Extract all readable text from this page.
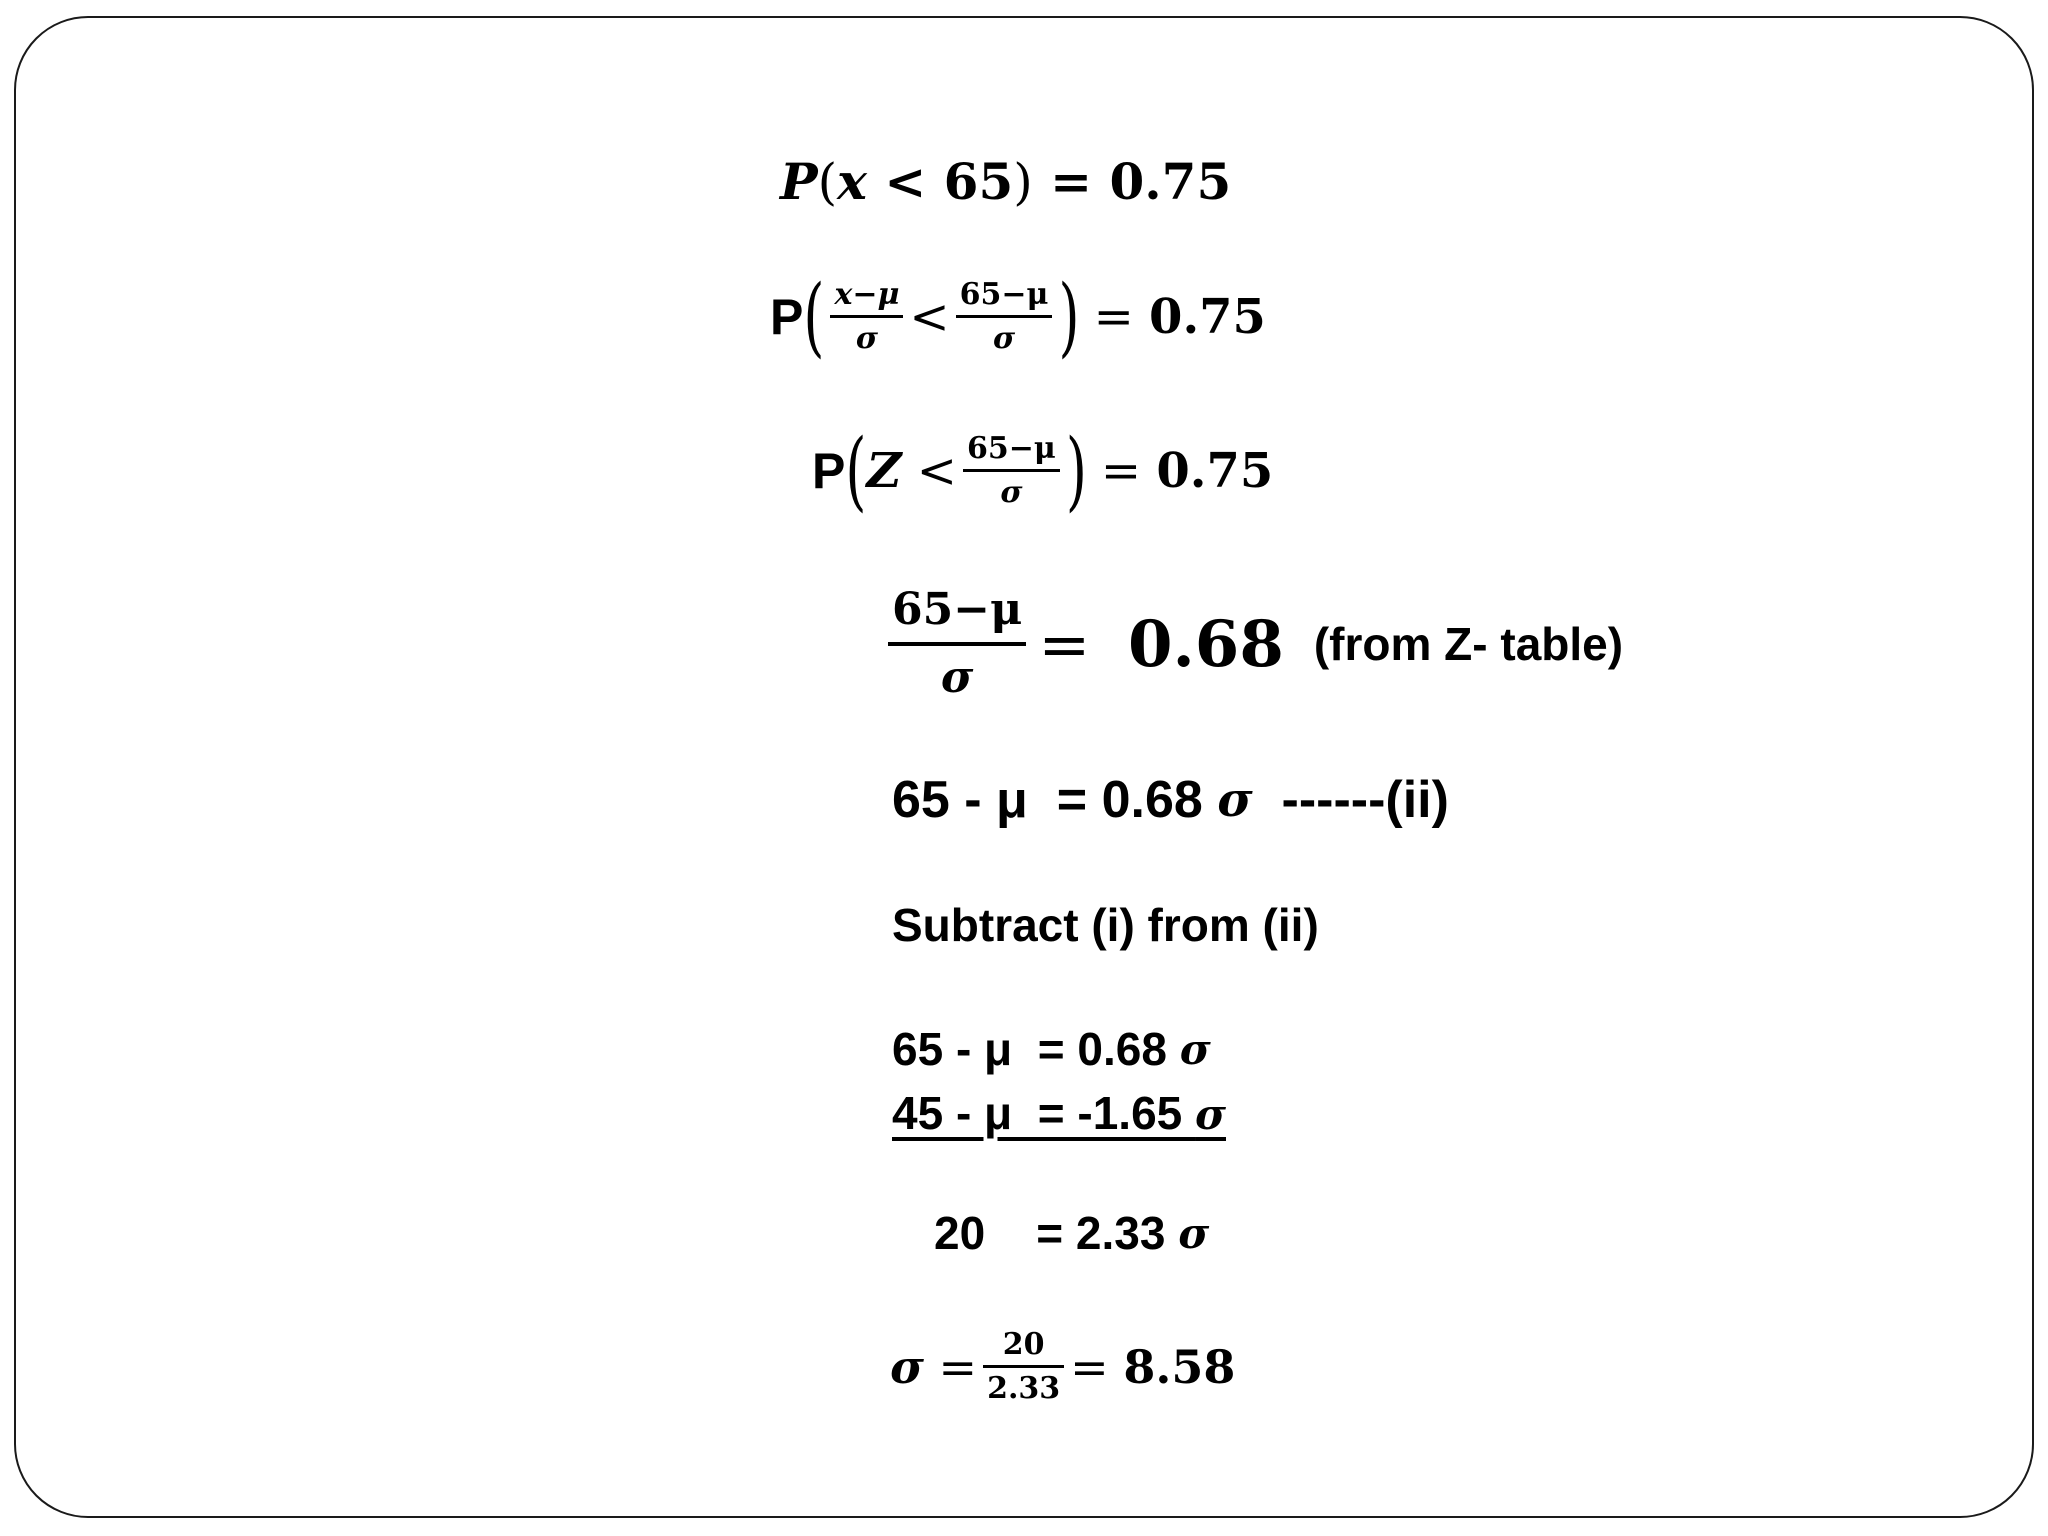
P ( x < 65 ) = 0.75
P ( $\frac{x-\mu}{\sigma} < \frac{65-\mu}{\sigma}$ ) = 0.75
P ( $Z < \frac{65-\mu}{\sigma}$ ) = 0.75
$\frac{65-\mu}{\sigma} = 0.68$ (from Z- table)
65 - μ  = 0.68 σ ------(ii)
Subtract (i) from (ii)
65 - μ  = 0.68 σ
45 - μ  = -1.65 σ
20    = 2.33 σ
$\sigma = \frac{20}{2.33} = 8.58$
